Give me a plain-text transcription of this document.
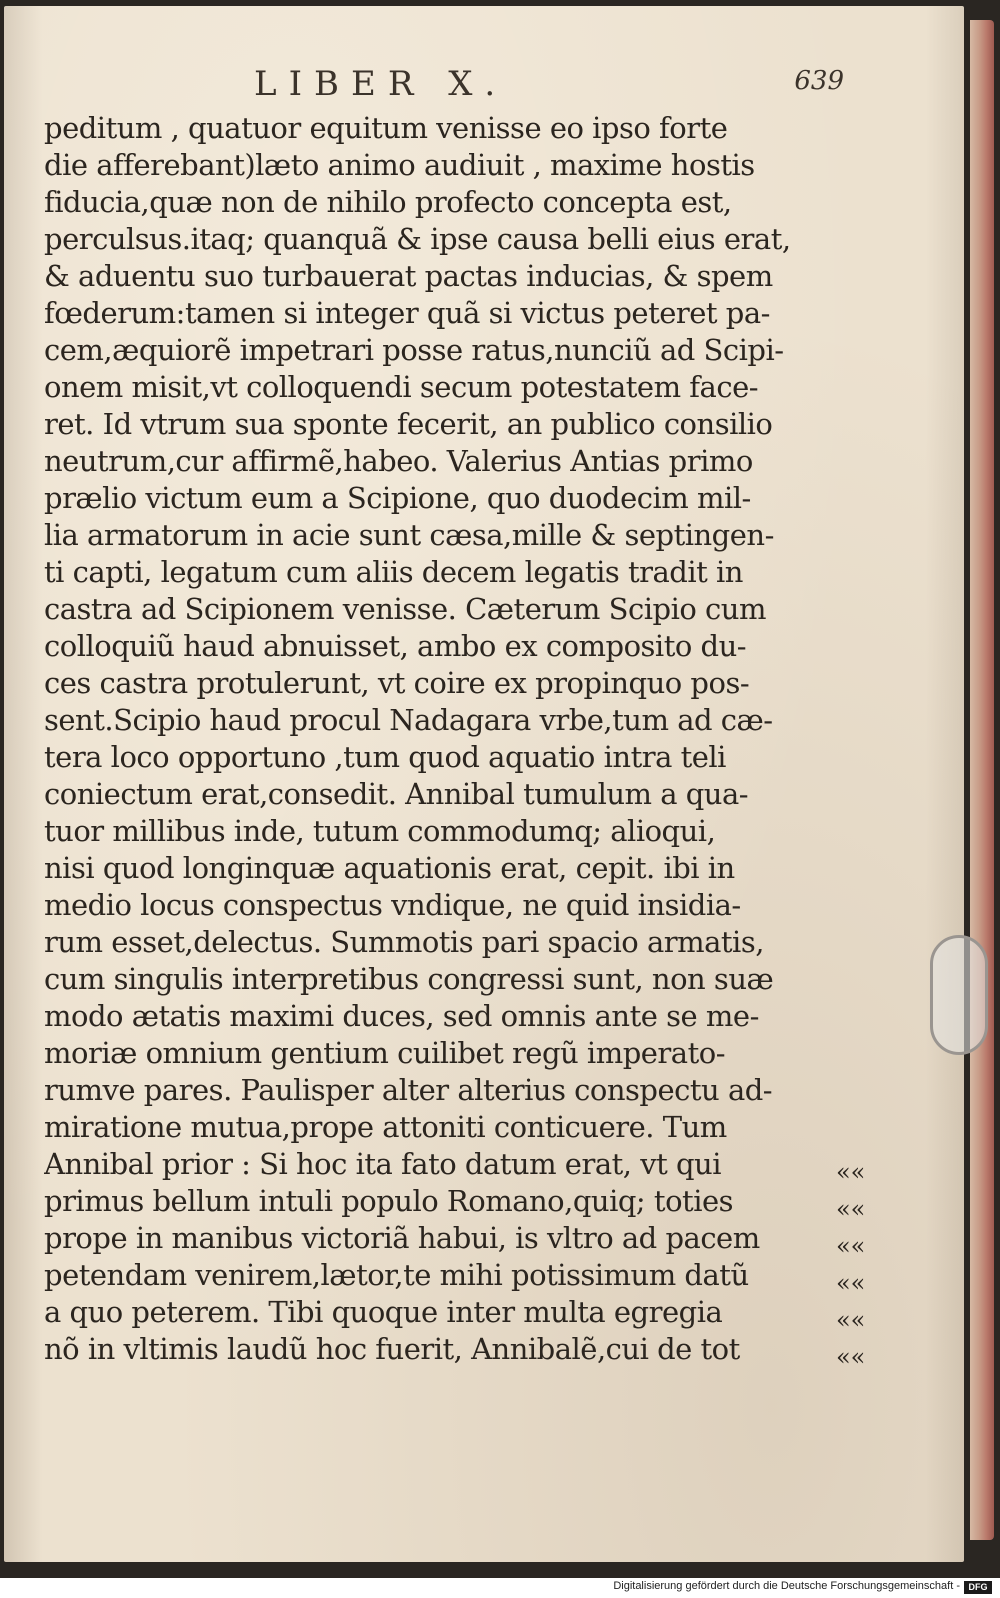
LIBER X.	639
peditum , quatuor equitum venisse eo ipso forte
die afferebant)læto animo audiuit , maxime hostis
fiducia,quæ non de nihilo profecto concepta est,
perculsus.itaq; quanquã & ipse causa belli eius erat,
& aduentu suo turbauerat pactas inducias, & spem
fœderum:tamen si integer quã si victus peteret pa-
cem,æquiorẽ impetrari posse ratus,nunciũ ad Scipi-
onem misit,vt colloquendi secum potestatem face-
ret. Id vtrum sua sponte fecerit, an publico consilio
neutrum,cur affirmẽ,habeo. Valerius Antias primo
prælio victum eum a Scipione, quo duodecim mil-
lia armatorum in acie sunt cæsa,mille & septingen-
ti capti, legatum cum aliis decem legatis tradit in
castra ad Scipionem venisse. Cæterum Scipio cum
colloquiũ haud abnuisset, ambo ex composito du-
ces castra protulerunt, vt coire ex propinquo pos-
sent.Scipio haud procul Nadagara vrbe,tum ad cæ-
tera loco opportuno ,tum quod aquatio intra teli
coniectum erat,consedit. Annibal tumulum a qua-
tuor millibus inde, tutum commodumq; alioqui,
nisi quod longinquæ aquationis erat, cepit. ibi in
medio locus conspectus vndique, ne quid insidia-
rum esset,delectus. Summotis pari spacio armatis,
cum singulis interpretibus congressi sunt, non suæ
modo ætatis maximi duces, sed omnis ante se me-
moriæ omnium gentium cuilibet regũ imperato-
rumve pares. Paulisper alter alterius conspectu ad-
miratione mutua,prope attoniti conticuere. Tum
Annibal prior : Si hoc ita fato datum erat, vt qui
primus bellum intuli populo Romano,quiq; toties
prope in manibus victoriã habui, is vltro ad pacem
petendam venirem,lætor,te mihi potissimum datũ
a quo peterem. Tibi quoque inter multa egregia
nõ in vltimis laudũ hoc fuerit, Annibalẽ,cui de tot
««
««
««
««
««
««
Digitalisierung gefördert durch die Deutsche Forschungsgemeinschaft - DFG
